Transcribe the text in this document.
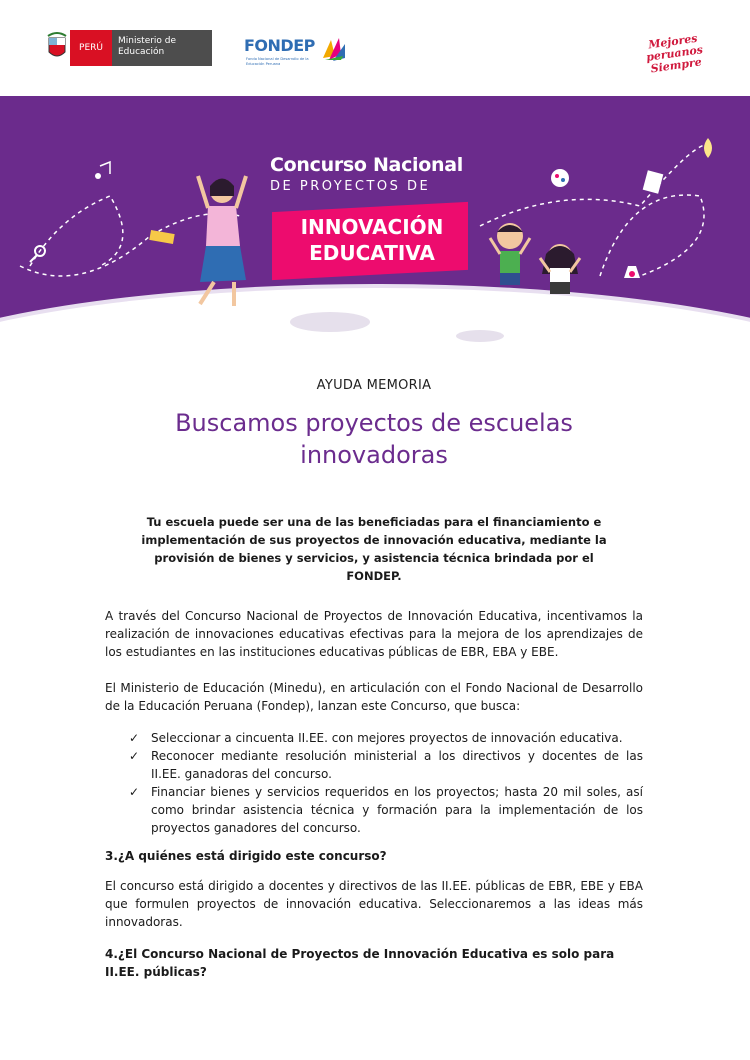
PERÚ
Ministerio de Educación	FONDEP
Fondo Nacional de Desarrollo de la Educación Peruana
Mejores peruanos Siempre
Concurso Nacional
DE PROYECTOS DE
INNOVACIÓN
EDUCATIVA
AYUDA MEMORIA
Buscamos proyectos de escuelas innovadoras
Tu escuela puede ser una de las beneficiadas para el financiamiento e implementación de sus proyectos de innovación educativa, mediante la provisión de bienes y servicios, y asistencia técnica brindada por el FONDEP.

A través del Concurso Nacional de Proyectos de Innovación Educativa, incentivamos la realización de innovaciones educativas efectivas para la mejora de los aprendizajes de los estudiantes en las instituciones educativas públicas de EBR, EBA y EBE.

El Ministerio de Educación (Minedu), en articulación con el Fondo Nacional de Desarrollo de la Educación Peruana (Fondep), lanzan este Concurso, que busca:

✓ Seleccionar a cincuenta II.EE. con mejores proyectos de innovación educativa.
✓ Reconocer mediante resolución ministerial a los directivos y docentes de las II.EE. ganadoras del concurso.
✓ Financiar bienes y servicios requeridos en los proyectos; hasta 20 mil soles, así como brindar asistencia técnica y formación para la implementación de los proyectos ganadores del concurso.
3.¿A quiénes está dirigido este concurso?

El concurso está dirigido a docentes y directivos de las II.EE. públicas de EBR, EBE y EBA que formulen proyectos de innovación educativa. Seleccionaremos a las ideas más innovadoras.

4.¿El Concurso Nacional de Proyectos de Innovación Educativa es solo para II.EE. públicas?
